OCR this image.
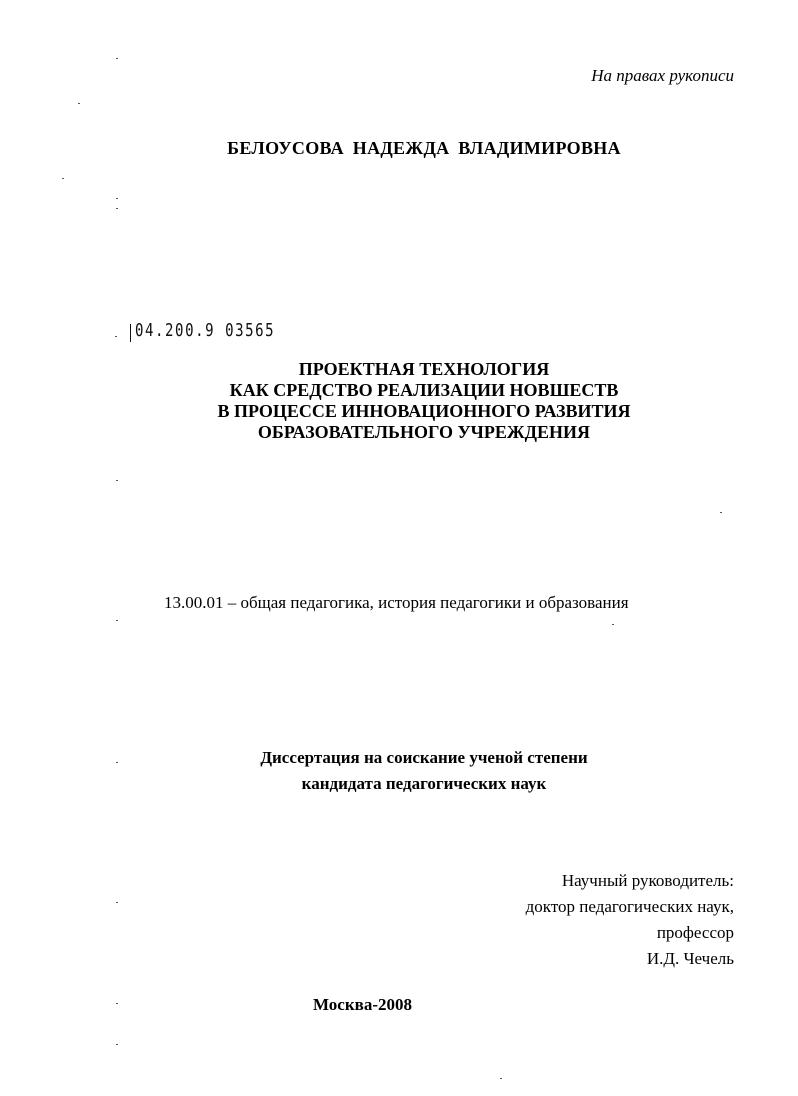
На правах рукописи
БЕЛОУСОВА НАДЕЖДА ВЛАДИМИРОВНА
04.200.9 03565
ПРОЕКТНАЯ ТЕХНОЛОГИЯ
КАК СРЕДСТВО РЕАЛИЗАЦИИ НОВШЕСТВ
В ПРОЦЕССЕ ИННОВАЦИОННОГО РАЗВИТИЯ
ОБРАЗОВАТЕЛЬНОГО УЧРЕЖДЕНИЯ
13.00.01 – общая педагогика, история педагогики и образования
Диссертация на соискание ученой степени
кандидата педагогических наук
Научный руководитель:
доктор педагогических наук,
профессор
И.Д. Чечель
Москва-2008
